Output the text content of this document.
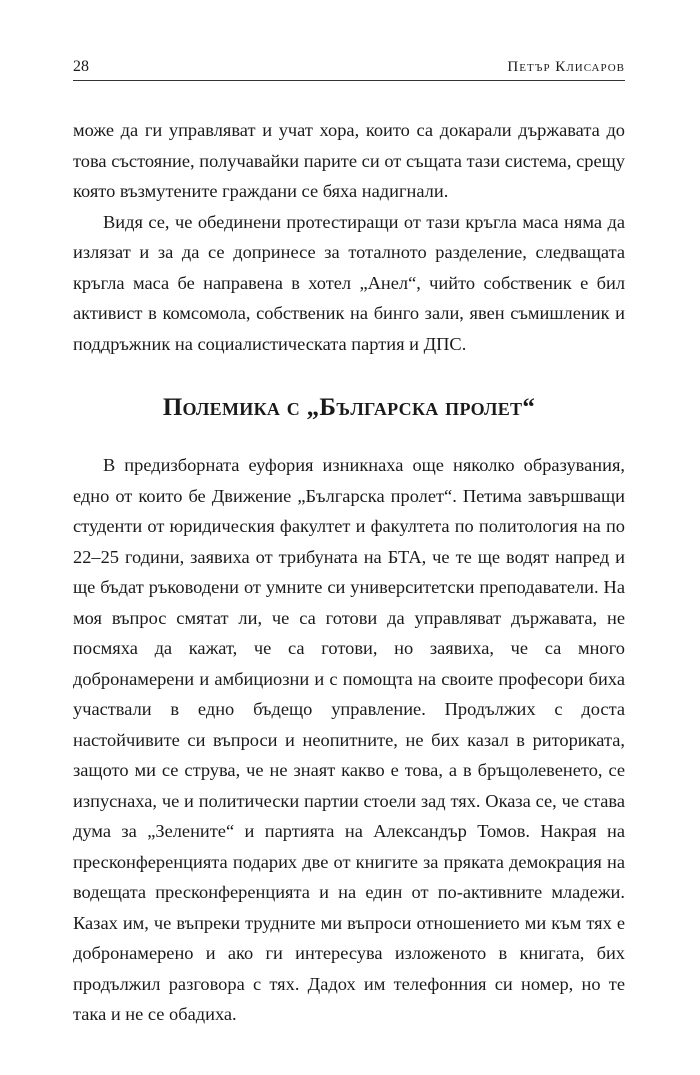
28	Петър Клисаров

може да ги управляват и учат хора, които са докарали държавата до това състояние, получавайки парите си от същата тази система, срещу която възмутените граждани се бяха надигнали.

Видя се, че обединени протестиращи от тази кръгла маса няма да излязат и за да се допринесе за тоталното разделение, следващата кръгла маса бе направена в хотел „Анел“, чийто собственик е бил активист в комсомола, собственик на бинго зали, явен съмишленик и поддръжник на социалистическата партия и ДПС.

Полемика с „Българска пролет“

В предизборната еуфория изникнаха още няколко образувания, едно от които бе Движение „Българска пролет“. Петима завършващи студенти от юридическия факултет и факултета по политология на по 22–25 години, заявиха от трибуната на БТА, че те ще водят напред и ще бъдат ръководени от умните си университетски преподаватели. На моя въпрос смятат ли, че са готови да управляват държавата, не посмяха да кажат, че са готови, но заявиха, че са много добронамерени и амбициозни и с помощта на своите професори биха участвали в едно бъдещо управление. Продължих с доста настойчивите си въпроси и неопитните, не бих казал в риториката, защото ми се струва, че не знаят какво е това, а в бръщолевенето, се изпуснаха, че и политически партии стоели зад тях. Оказа се, че става дума за „Зелените“ и партията на Александър Томов. Накрая на пресконференцията подарих две от книгите за пряката демокрация на водещата пресконференцията и на един от по-активните младежи. Казах им, че въпреки трудните ми въпроси отношението ми към тях е добронамерено и ако ги интересува изложеното в книгата, бих продължил разговора с тях. Дадох им телефонния си номер, но те така и не се обадиха.
